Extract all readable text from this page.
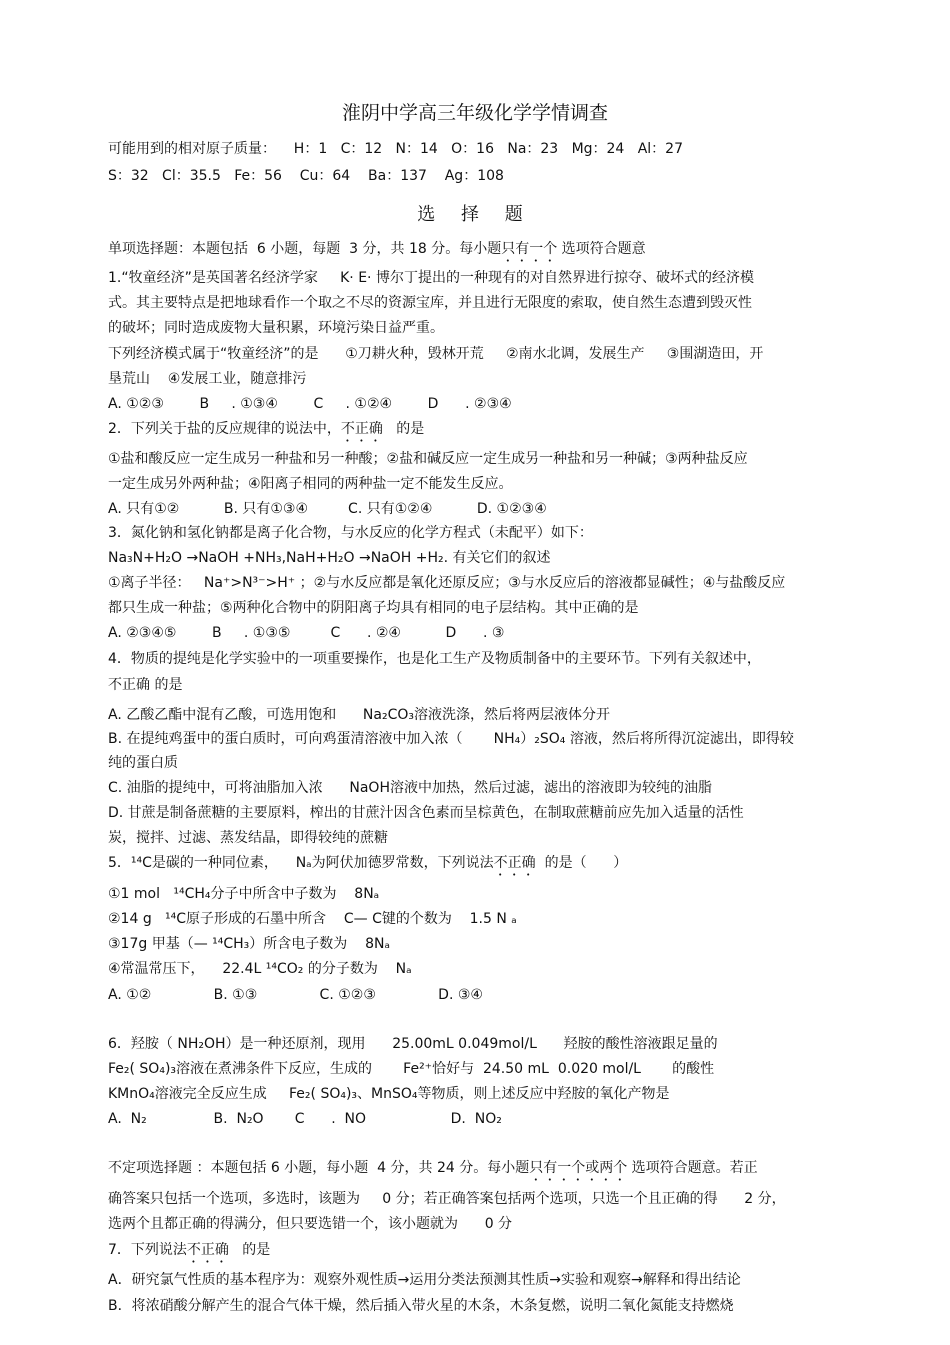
淮阴中学高三年级化学学情调查
可能用到的相对原子质量：    H：1   C：12   N：14   O：16   Na：23   Mg：24   Al：27
S：32   Cl：35.5   Fe：56    Cu：64    Ba：137    Ag：108
选 择 题
单项选择题：本题包括  6 小题，每题  3 分，共 18 分。每小题只有一个 选项符合题意
1.“牧童经济”是英国著名经济学家     K· E· 博尔丁提出的一种现有的对自然界进行掠夺、破坏式的经济模
式。其主要特点是把地球看作一个取之不尽的资源宝库，并且进行无限度的索取，使自然生态遭到毁灭性
的破坏；同时造成废物大量积累，环境污染日益严重。
下列经济模式属于“牧童经济”的是      ①刀耕火种，毁林开荒     ②南水北调，发展生产     ③围湖造田，开
垦荒山    ④发展工业，随意排污
A. ①②③        B     . ①③④        C     . ①②④        D      . ②③④
2．下列关于盐的反应规律的说法中，不正确   的是
①盐和酸反应一定生成另一种盐和另一种酸；②盐和碱反应一定生成另一种盐和另一种碱；③两种盐反应
一定生成另外两种盐；④阳离子相同的两种盐一定不能发生反应。
A. 只有①②          B. 只有①③④         C. 只有①②④          D. ①②③④
3．氮化钠和氢化钠都是离子化合物，与水反应的化学方程式（未配平）如下：
Na₃N+H₂O →NaOH +NH₃,NaH+H₂O →NaOH +H₂. 有关它们的叙述
①离子半径：   Na⁺>N³⁻>H⁺ ；②与水反应都是氧化还原反应；③与水反应后的溶液都显碱性；④与盐酸反应
都只生成一种盐；⑤两种化合物中的阴阳离子均具有相同的电子层结构。其中正确的是
A. ②③④⑤        B     . ①③⑤         C      . ②④          D      . ③
4．物质的提纯是化学实验中的一项重要操作，也是化工生产及物质制备中的主要环节。下列有关叙述中，
不正确 的是
A. 乙酸乙酯中混有乙酸，可选用饱和      Na₂CO₃溶液洗涤，然后将两层液体分开
B. 在提纯鸡蛋中的蛋白质时，可向鸡蛋清溶液中加入浓（       NH₄）₂SO₄ 溶液，然后将所得沉淀滤出，即得较
纯的蛋白质
C. 油脂的提纯中，可将油脂加入浓      NaOH溶液中加热，然后过滤，滤出的溶液即为较纯的油脂
D. 甘蔗是制备蔗糖的主要原料，榨出的甘蔗汁因含色素而呈棕黄色，在制取蔗糖前应先加入适量的活性
炭，搅拌、过滤、蒸发结晶，即得较纯的蔗糖
5．¹⁴C是碳的一种同位素，    Nₐ为阿伏加德罗常数，下列说法不正确  的是（      ）
①1 mol   ¹⁴CH₄分子中所含中子数为    8Nₐ
②14 g   ¹⁴C原子形成的石墨中所含    C— C键的个数为    1.5 N ₐ
③17g 甲基（— ¹⁴CH₃）所含电子数为    8Nₐ
④常温常压下，    22.4L ¹⁴CO₂ 的分子数为    Nₐ
A. ①②              B. ①③              C. ①②③              D. ③④
6．羟胺（ NH₂OH）是一种还原剂，现用      25.00mL 0.049mol/L      羟胺的酸性溶液跟足量的
Fe₂( SO₄)₃溶液在煮沸条件下反应，生成的       Fe²⁺恰好与  24.50 mL  0.020 mol/L       的酸性
KMnO₄溶液完全反应生成     Fe₂( SO₄)₃、MnSO₄等物质，则上述反应中羟胺的氧化产物是
A.  N₂               B.  N₂O       C      .  NO                   D.  NO₂
不定项选择题 ：本题包括 6 小题，每小题  4 分，共 24 分。每小题只有一个或两个 选项符合题意。若正
确答案只包括一个选项，多选时，该题为     0 分；若正确答案包括两个选项，只选一个且正确的得      2 分，
选两个且都正确的得满分，但只要选错一个，该小题就为      0 分
7．下列说法不正确   的是
A．研究氯气性质的基本程序为：观察外观性质→运用分类法预测其性质→实验和观察→解释和得出结论
B．将浓硝酸分解产生的混合气体干燥，然后插入带火星的木条，木条复燃，说明二氧化氮能支持燃烧
